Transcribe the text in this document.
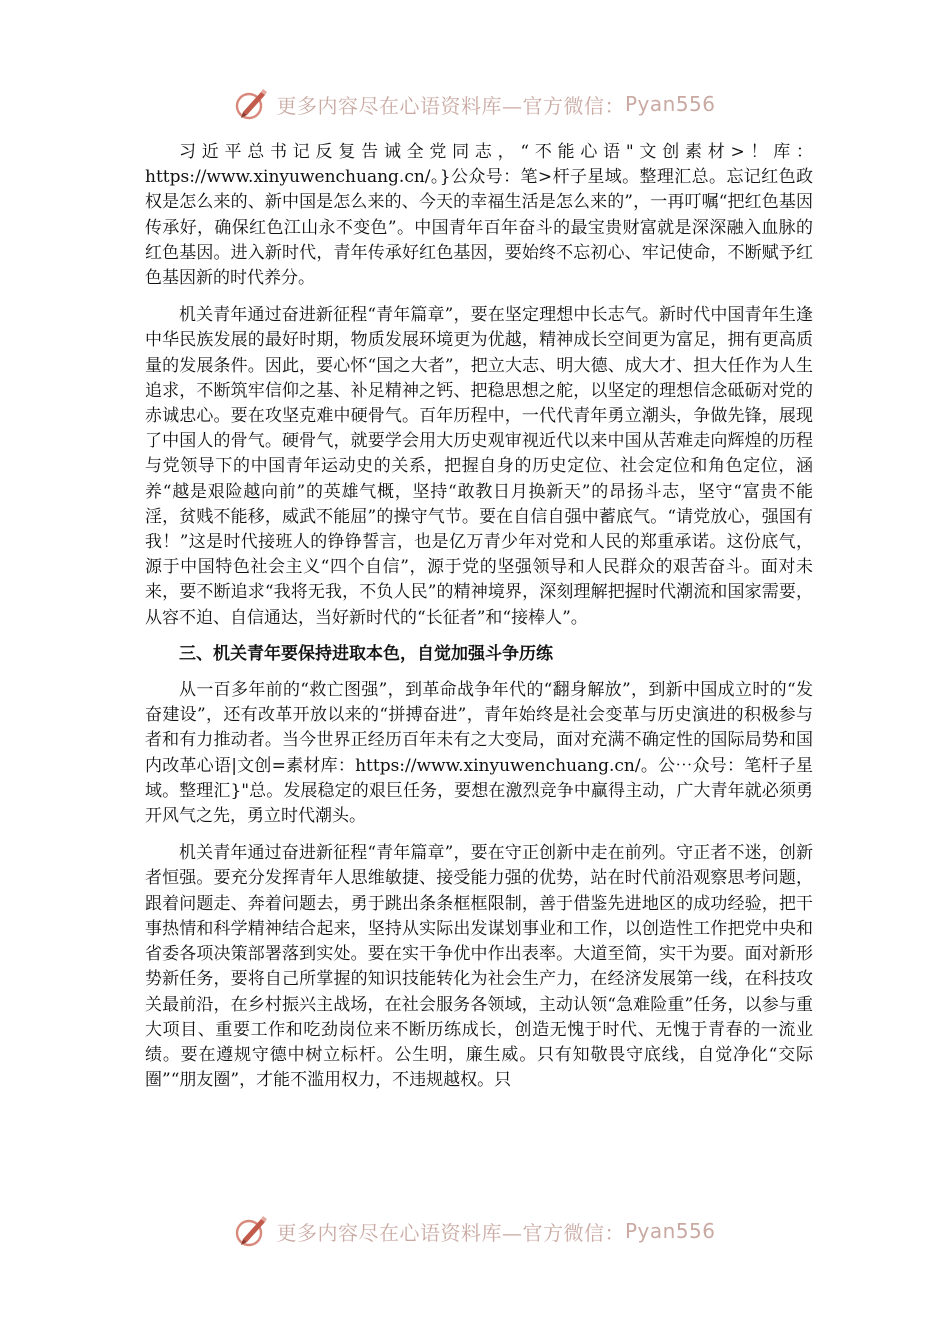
更多内容尽在心语资料库—官方微信： Pyan556

习近平总书记反复告诫全党同志，“不能心语"文创素材>！库：https://www.xinyuwenchuang.cn/。}公众号：笔>杆子星域。整理汇总。忘记红色政权是怎么来的、新中国是怎么来的、今天的幸福生活是怎么来的”，一再叮嘱“把红色基因传承好，确保红色江山永不变色”。中国青年百年奋斗的最宝贵财富就是深深融入血脉的红色基因。进入新时代，青年传承好红色基因，要始终不忘初心、牢记使命，不断赋予红色基因新的时代养分。

机关青年通过奋进新征程“青年篇章”，要在坚定理想中长志气。新时代中国青年生逢中华民族发展的最好时期，物质发展环境更为优越，精神成长空间更为富足，拥有更高质量的发展条件。因此，要心怀“国之大者”，把立大志、明大德、成大才、担大任作为人生追求，不断筑牢信仰之基、补足精神之钙、把稳思想之舵，以坚定的理想信念砥砺对党的赤诚忠心。要在攻坚克难中硬骨气。百年历程中，一代代青年勇立潮头，争做先锋，展现了中国人的骨气。硬骨气，就要学会用大历史观审视近代以来中国从苦难走向辉煌的历程与党领导下的中国青年运动史的关系，把握自身的历史定位、社会定位和角色定位，涵养“越是艰险越向前”的英雄气概，坚持“敢教日月换新天”的昂扬斗志，坚守“富贵不能淫，贫贱不能移，威武不能屈”的操守气节。要在自信自强中蓄底气。“请党放心，强国有我！”这是时代接班人的铮铮誓言，也是亿万青少年对党和人民的郑重承诺。这份底气，源于中国特色社会主义“四个自信”，源于党的坚强领导和人民群众的艰苦奋斗。面对未来，要不断追求“我将无我，不负人民”的精神境界，深刻理解把握时代潮流和国家需要，从容不迫、自信通达，当好新时代的“长征者”和“接棒人”。

三、机关青年要保持进取本色，自觉加强斗争历练

从一百多年前的“救亡图强”，到革命战争年代的“翻身解放”，到新中国成立时的“发奋建设”，还有改革开放以来的“拼搏奋进”，青年始终是社会变革与历史演进的积极参与者和有力推动者。当今世界正经历百年未有之大变局，面对充满不确定性的国际局势和国内改革心语|文创=素材库：https://www.xinyuwenchuang.cn/。公⋯众号：笔杆子星域。整理汇}"总。发展稳定的艰巨任务，要想在激烈竞争中赢得主动，广大青年就必须勇开风气之先，勇立时代潮头。

机关青年通过奋进新征程“青年篇章”，要在守正创新中走在前列。守正者不迷，创新者恒强。要充分发挥青年人思维敏捷、接受能力强的优势，站在时代前沿观察思考问题，跟着问题走、奔着问题去，勇于跳出条条框框限制，善于借鉴先进地区的成功经验，把干事热情和科学精神结合起来，坚持从实际出发谋划事业和工作，以创造性工作把党中央和省委各项决策部署落到实处。要在实干争优中作出表率。大道至简，实干为要。面对新形势新任务，要将自己所掌握的知识技能转化为社会生产力，在经济发展第一线，在科技攻关最前沿，在乡村振兴主战场，在社会服务各领域，主动认领“急难险重”任务，以参与重大项目、重要工作和吃劲岗位来不断历练成长，创造无愧于时代、无愧于青春的一流业绩。要在遵规守德中树立标杆。公生明，廉生威。只有知敬畏守底线，自觉净化“交际圈”“朋友圈”，才能不滥用权力，不违规越权。只

更多内容尽在心语资料库—官方微信： Pyan556
